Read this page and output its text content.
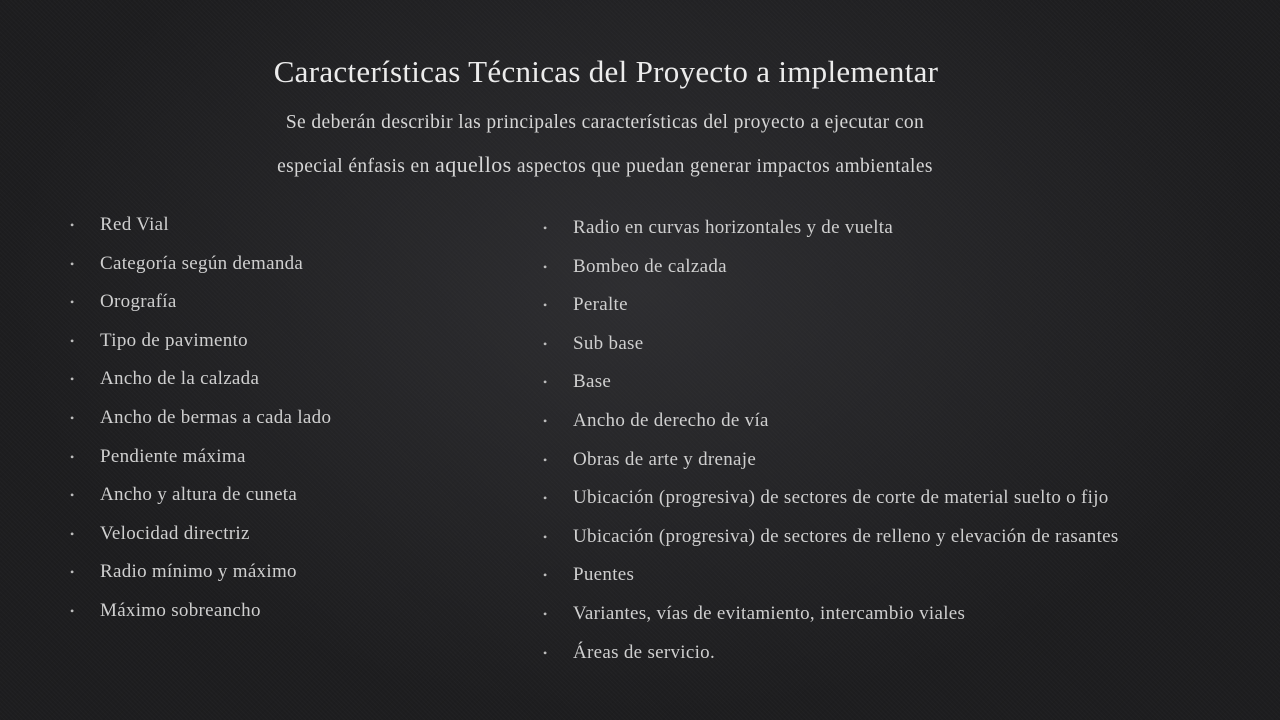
Características Técnicas del Proyecto a implementar

Se deberán describir las principales características del proyecto a ejecutar con
especial énfasis en aquellos aspectos que puedan generar impactos ambientales

• Red Vial
• Categoría según demanda
• Orografía
• Tipo de pavimento
• Ancho de la calzada
• Ancho de bermas a cada lado
• Pendiente máxima
• Ancho y altura de cuneta
• Velocidad directriz
• Radio mínimo y máximo
• Máximo sobreancho
• Radio en curvas horizontales y de vuelta
• Bombeo de calzada
• Peralte
• Sub base
• Base
• Ancho de derecho de vía
• Obras de arte y drenaje
• Ubicación (progresiva) de sectores de corte de material suelto o fijo
• Ubicación (progresiva) de sectores de relleno y elevación de rasantes
• Puentes
• Variantes, vías de evitamiento, intercambio viales
• Áreas de servicio.
